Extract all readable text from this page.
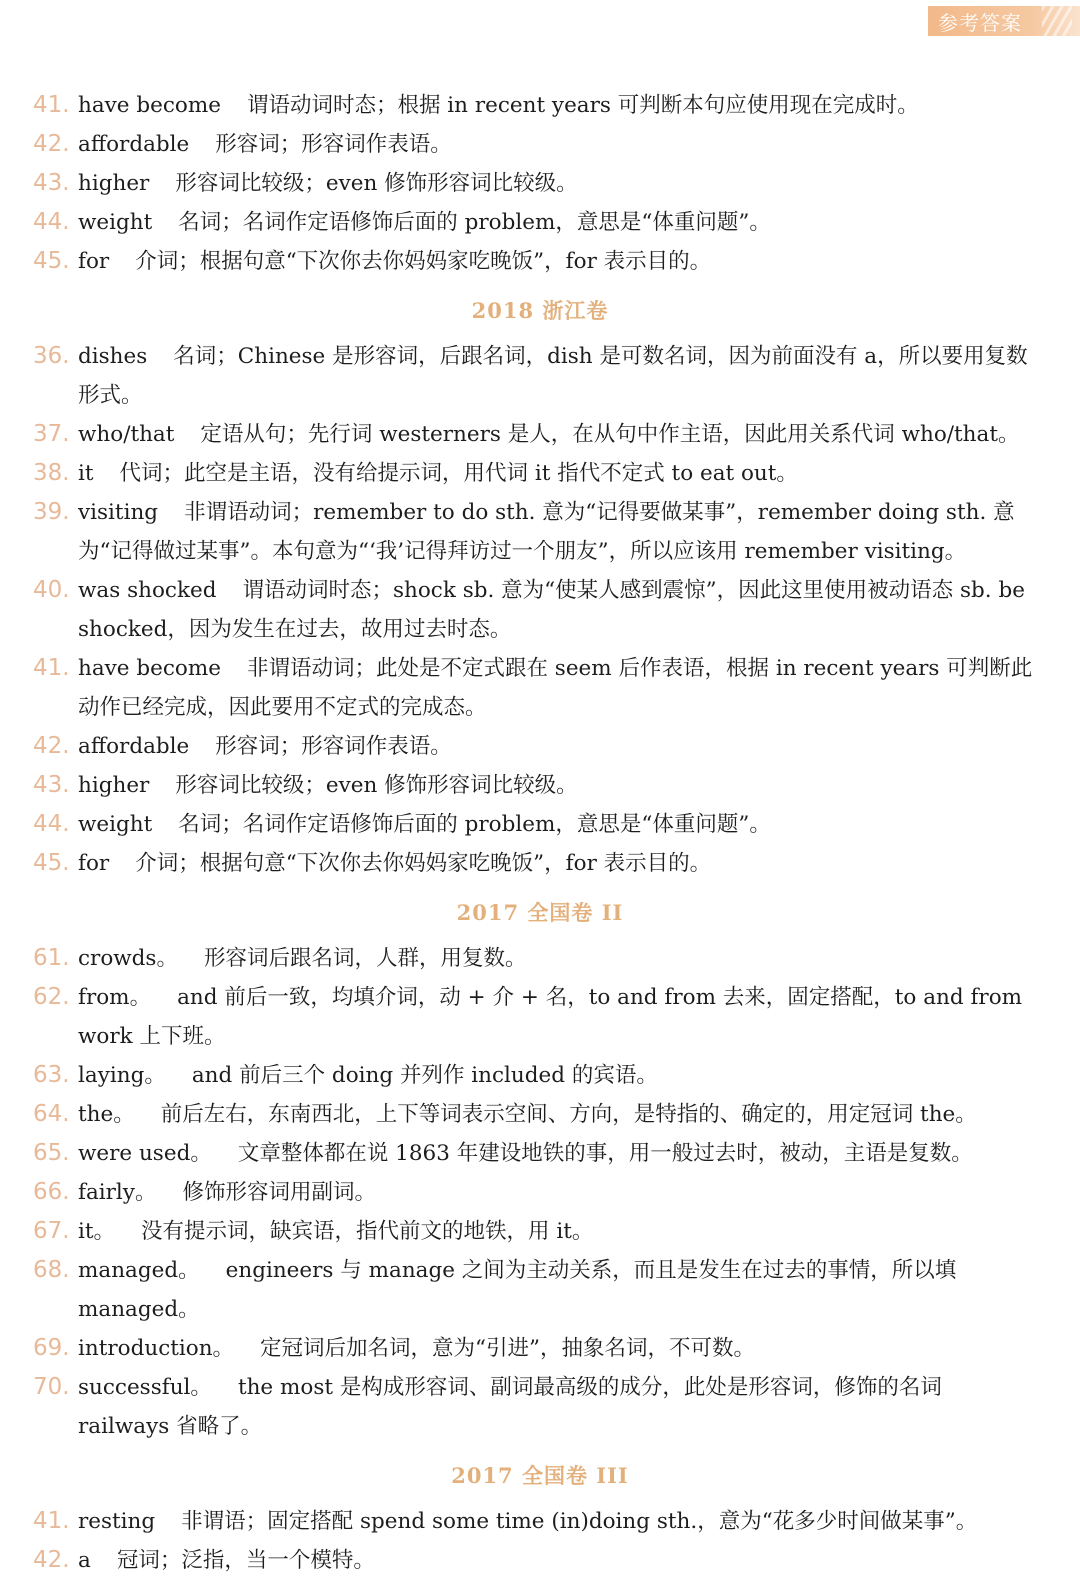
参考答案
41. have become 谓语动词时态；根据 in recent years 可判断本句应使用现在完成时。
42. affordable 形容词；形容词作表语。
43. higher 形容词比较级；even 修饰形容词比较级。
44. weight 名词；名词作定语修饰后面的 problem，意思是“体重问题”。
45. for 介词；根据句意“下次你去你妈妈家吃晚饭”，for 表示目的。
2018 浙江卷
36. dishes 名词；Chinese 是形容词，后跟名词，dish 是可数名词，因为前面没有 a，所以要用复数形式。
37. who/that 定语从句；先行词 westerners 是人，在从句中作主语，因此用关系代词 who/that。
38. it 代词；此空是主语，没有给提示词，用代词 it 指代不定式 to eat out。
39. visiting 非谓语动词；remember to do sth. 意为“记得要做某事”，remember doing sth. 意为“记得做过某事”。本句意为“‘我’记得拜访过一个朋友”，所以应该用 remember visiting。
40. was shocked 谓语动词时态；shock sb. 意为“使某人感到震惊”，因此这里使用被动语态 sb. be shocked，因为发生在过去，故用过去时态。
41. have become 非谓语动词；此处是不定式跟在 seem 后作表语，根据 in recent years 可判断此动作已经完成，因此要用不定式的完成态。
42. affordable 形容词；形容词作表语。
43. higher 形容词比较级；even 修饰形容词比较级。
44. weight 名词；名词作定语修饰后面的 problem，意思是“体重问题”。
45. for 介词；根据句意“下次你去你妈妈家吃晚饭”，for 表示目的。
2017 全国卷 II
61. crowds。 形容词后跟名词，人群，用复数。
62. from。 and 前后一致，均填介词，动 + 介 + 名，to and from 去来，固定搭配，to and from work 上下班。
63. laying。 and 前后三个 doing 并列作 included 的宾语。
64. the。 前后左右，东南西北，上下等词表示空间、方向，是特指的、确定的，用定冠词 the。
65. were used。 文章整体都在说 1863 年建设地铁的事，用一般过去时，被动，主语是复数。
66. fairly。 修饰形容词用副词。
67. it。 没有提示词，缺宾语，指代前文的地铁，用 it。
68. managed。 engineers 与 manage 之间为主动关系，而且是发生在过去的事情，所以填 managed。
69. introduction。 定冠词后加名词，意为“引进”，抽象名词，不可数。
70. successful。 the most 是构成形容词、副词最高级的成分，此处是形容词，修饰的名词 railways 省略了。
2017 全国卷 III
41. resting 非谓语；固定搭配 spend some time (in)doing sth.，意为“花多少时间做某事”。
42. a 冠词；泛指，当一个模特。
